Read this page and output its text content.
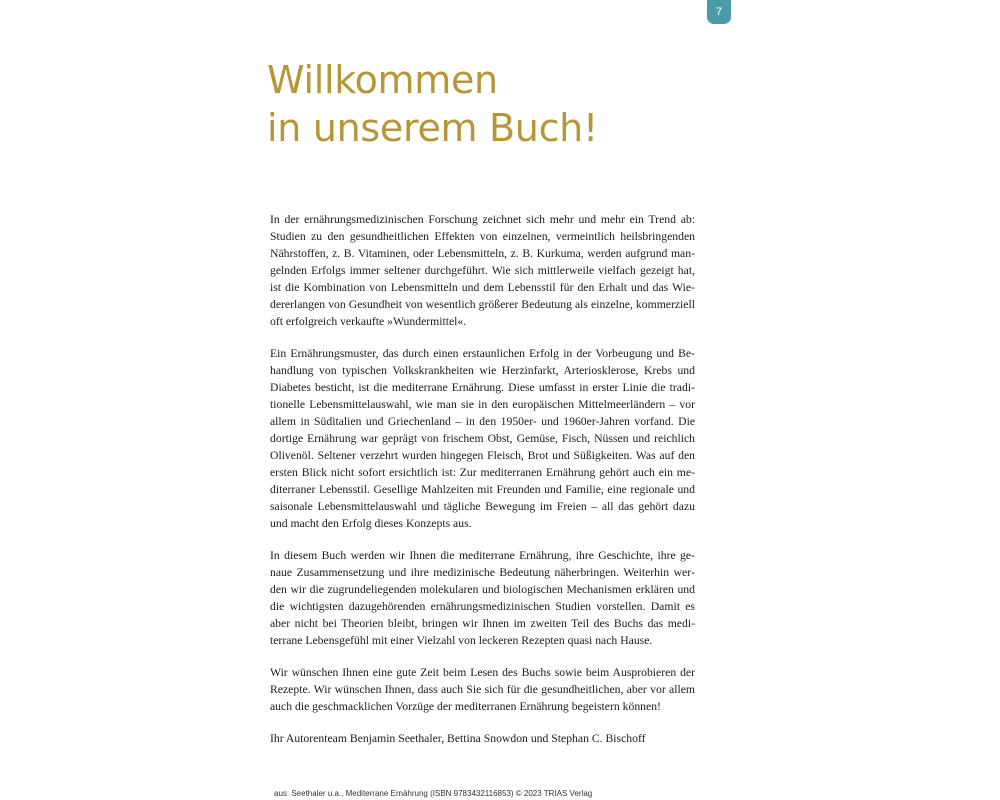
7
Willkommen
in unserem Buch!

In der ernährungsmedizinischen Forschung zeichnet sich mehr und mehr ein Trend ab: Studien zu den gesundheitlichen Effekten von einzelnen, vermeintlich heilsbringenden Nährstoffen, z. B. Vitaminen, oder Lebensmitteln, z. B. Kurkuma, werden aufgrund mangelnden Erfolgs immer seltener durchgeführt. Wie sich mittlerweile vielfach gezeigt hat, ist die Kombination von Lebensmitteln und dem Lebensstil für den Erhalt und das Wiedererlangen von Gesundheit von wesentlich größerer Bedeutung als einzelne, kommerziell oft erfolgreich verkaufte »Wundermittel«.

Ein Ernährungsmuster, das durch einen erstaunlichen Erfolg in der Vorbeugung und Behandlung von typischen Volkskrankheiten wie Herzinfarkt, Arteriosklerose, Krebs und Diabetes besticht, ist die mediterrane Ernährung. Diese umfasst in erster Linie die traditionelle Lebensmittelauswahl, wie man sie in den europäischen Mittelmeerländern – vor allem in Süditalien und Griechenland – in den 1950er- und 1960er-Jahren vorfand. Die dortige Ernährung war geprägt von frischem Obst, Gemüse, Fisch, Nüssen und reichlich Olivenöl. Seltener verzehrt wurden hingegen Fleisch, Brot und Süßigkeiten. Was auf den ersten Blick nicht sofort ersichtlich ist: Zur mediterranen Ernährung gehört auch ein mediterraner Lebensstil. Gesellige Mahlzeiten mit Freunden und Familie, eine regionale und saisonale Lebensmittelauswahl und tägliche Bewegung im Freien – all das gehört dazu und macht den Erfolg dieses Konzepts aus.

In diesem Buch werden wir Ihnen die mediterrane Ernährung, ihre Geschichte, ihre genaue Zusammensetzung und ihre medizinische Bedeutung näherbringen. Weiterhin werden wir die zugrundeliegenden molekularen und biologischen Mechanismen erklären und die wichtigsten dazugehörenden ernährungsmedizinischen Studien vorstellen. Damit es aber nicht bei Theorien bleibt, bringen wir Ihnen im zweiten Teil des Buchs das mediterrane Lebensgefühl mit einer Vielzahl von leckeren Rezepten quasi nach Hause.

Wir wünschen Ihnen eine gute Zeit beim Lesen des Buchs sowie beim Ausprobieren der Rezepte. Wir wünschen Ihnen, dass auch Sie sich für die gesundheitlichen, aber vor allem auch die geschmacklichen Vorzüge der mediterranen Ernährung begeistern können!

Ihr Autorenteam Benjamin Seethaler, Bettina Snowdon und Stephan C. Bischoff

aus: Seethaler u.a., Mediterrane Ernährung (ISBN 9783432116853) © 2023 TRIAS Verlag
